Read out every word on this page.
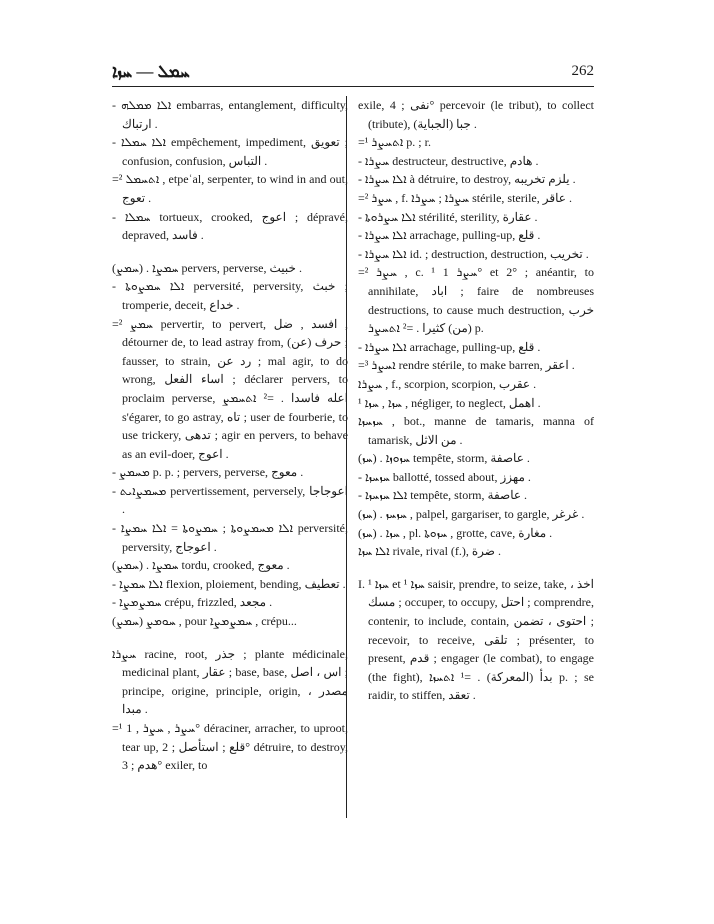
ܚܡܠ — ܚܙܐ	262

- ܐܠܐ ܡܡܠܗ embarras, entanglement, difficulty, ارتباك .

- ܐܠܐ ܚܡܠܐ empêchement, impediment, تعويق ; confusion, confusion, التباس .

=² ܐܬܚܡܠ , etpeʿal, serpenter, to wind in and out, تعوج .

- ܚܡܠܐ tortueux, crooked, اعوج ; dépravé, depraved, فاسد .

(ܚܡܨ) . ܚܡܨܐ pervers, perverse, خبيث .

- ܐܠܐ ܚܡܨܘܬܐ perversité, perversity, خبث ; tromperie, deceit, خداع .

=² ܚܡܨ pervertir, to pervert, افسد , ضل , détourner de, to lead astray from, حرف (عن) ; fausser, to strain, رد عن ; mal agir, to do wrong, اساء الفعل ; déclarer pervers, to proclaim perverse, اعله فاسدا . =² ܐܬܚܡܨ s'égarer, to go astray, تاه ; user de fourberie, to use trickery, تدهى ; agir en pervers, to behave as an evil-doer, اعوج .

- ܡܚܡܨ p. p. ; pervers, perverse, معوج .

- ܡܚܡܨܐܝܬ pervertissement, perversely, اعوجاجا .

- ܐܠܐ ܡܚܡܨܘܬܐ ; ܚܡܨܘܬܐ = ܐܠܐ ܚܡܨܐ perversité, perversity, اعوجاج .

(ܚܡܨ) . ܚܡܨܐ tordu, crooked, معوج .

- ܐܠܐ ܚܡܨܐ flexion, ploiement, bending, تعطيف .

- ܚܡܨܡܨܐ crépu, frizzled, مجعد .

(ܚܡܨ) ܚܘܡܨ , pour ܚܡܨܡܨܐ , crépu...

ܚܨܪܐ racine, root, جذر ; plante médicinale, medicinal plant, عقار ; base, base, اس ، اصل ; principe, origine, principle, origin, مصدر ، مبدا .

=¹ ܚܨܪ , ܚܨܪ , 1° déraciner, arracher, to uproot, tear up, قلع ; استأصل ; 2° détruire, to destroy, هدم ; 3° exiler, to

exile, نفى ; 4° percevoir (le tribut), to collect (tribute), جبا (الجباية) .

=¹ ܐܬܚܨܪ p. ; r.

- ܚܨܪܐ destructeur, destructive, هادم .

- ܐܠܐ ܚܨܪܐ à détruire, to destroy, يلزم تخريبه .

=² ܚܨܪ , f. ܚܨܪܐ ; ܚܨܪܐ stérile, sterile, عاقر .

- ܐܠܐ ܚܨܪܘܬܐ stérilité, sterility, عقارة .

- ܐܠܐ ܚܨܪܐ arrachage, pulling-up, قلع .

- ܐܠܐ ܚܨܪܐ id. ; destruction, destruction, تخريب .

=² ܚܨܪ , c. ¹ ܚܨܪ 1° et 2° ; anéantir, to annihilate, اباد ; faire de nombreuses destructions, to cause much destruction, خرب (من) كثيرا . =² ܐܬܚܨܪ p.

- ܐܠܐ ܚܨܪܐ arrachage, pulling-up, قلع .

=³ ܐܚܨܪ rendre stérile, to make barren, اعقر .

ܚܨܪܐ , f., scorpion, scorpion, عقرب .

¹ ܚܙܐ , ܚܙܐ , négliger, to neglect, اهمل .

ܚܙܚܙܐ , bot., manne de tamaris, manna of tamarisk, من الاثل .

(ܚܙ) . ܚܙܘܙܐ tempête, storm, عاصفة .

- ܚܙܚܙܐ ballotté, tossed about, مهزز .

- ܐܠܐ ܚܙܚܙܐ tempête, storm, عاصفة .

(ܚܙ) . ܚܙܚܙ , palpel, gargariser, to gargle, غرغر .

(ܚܙ) . ܚܙܐ , pl. ܚܙܘܬܐ , grotte, cave, مغارة .

ܐܠܐ ܚܙܐ rivale, rival (f.), ضرة .

I. ¹ ܚܙܐ et ¹ ܚܙܐ saisir, prendre, to seize, take, اخذ ، مسك ; occuper, to occupy, احتل ; comprendre, contenir, to include, contain, احتوى ، تضمن ; recevoir, to receive, تلقى ; présenter, to present, قدم ; engager (le combat), to engage (the fight), بدأ (المعركة) . =¹ ܐܬܚܙܐ p. ; se raidir, to stiffen, تعقد .
